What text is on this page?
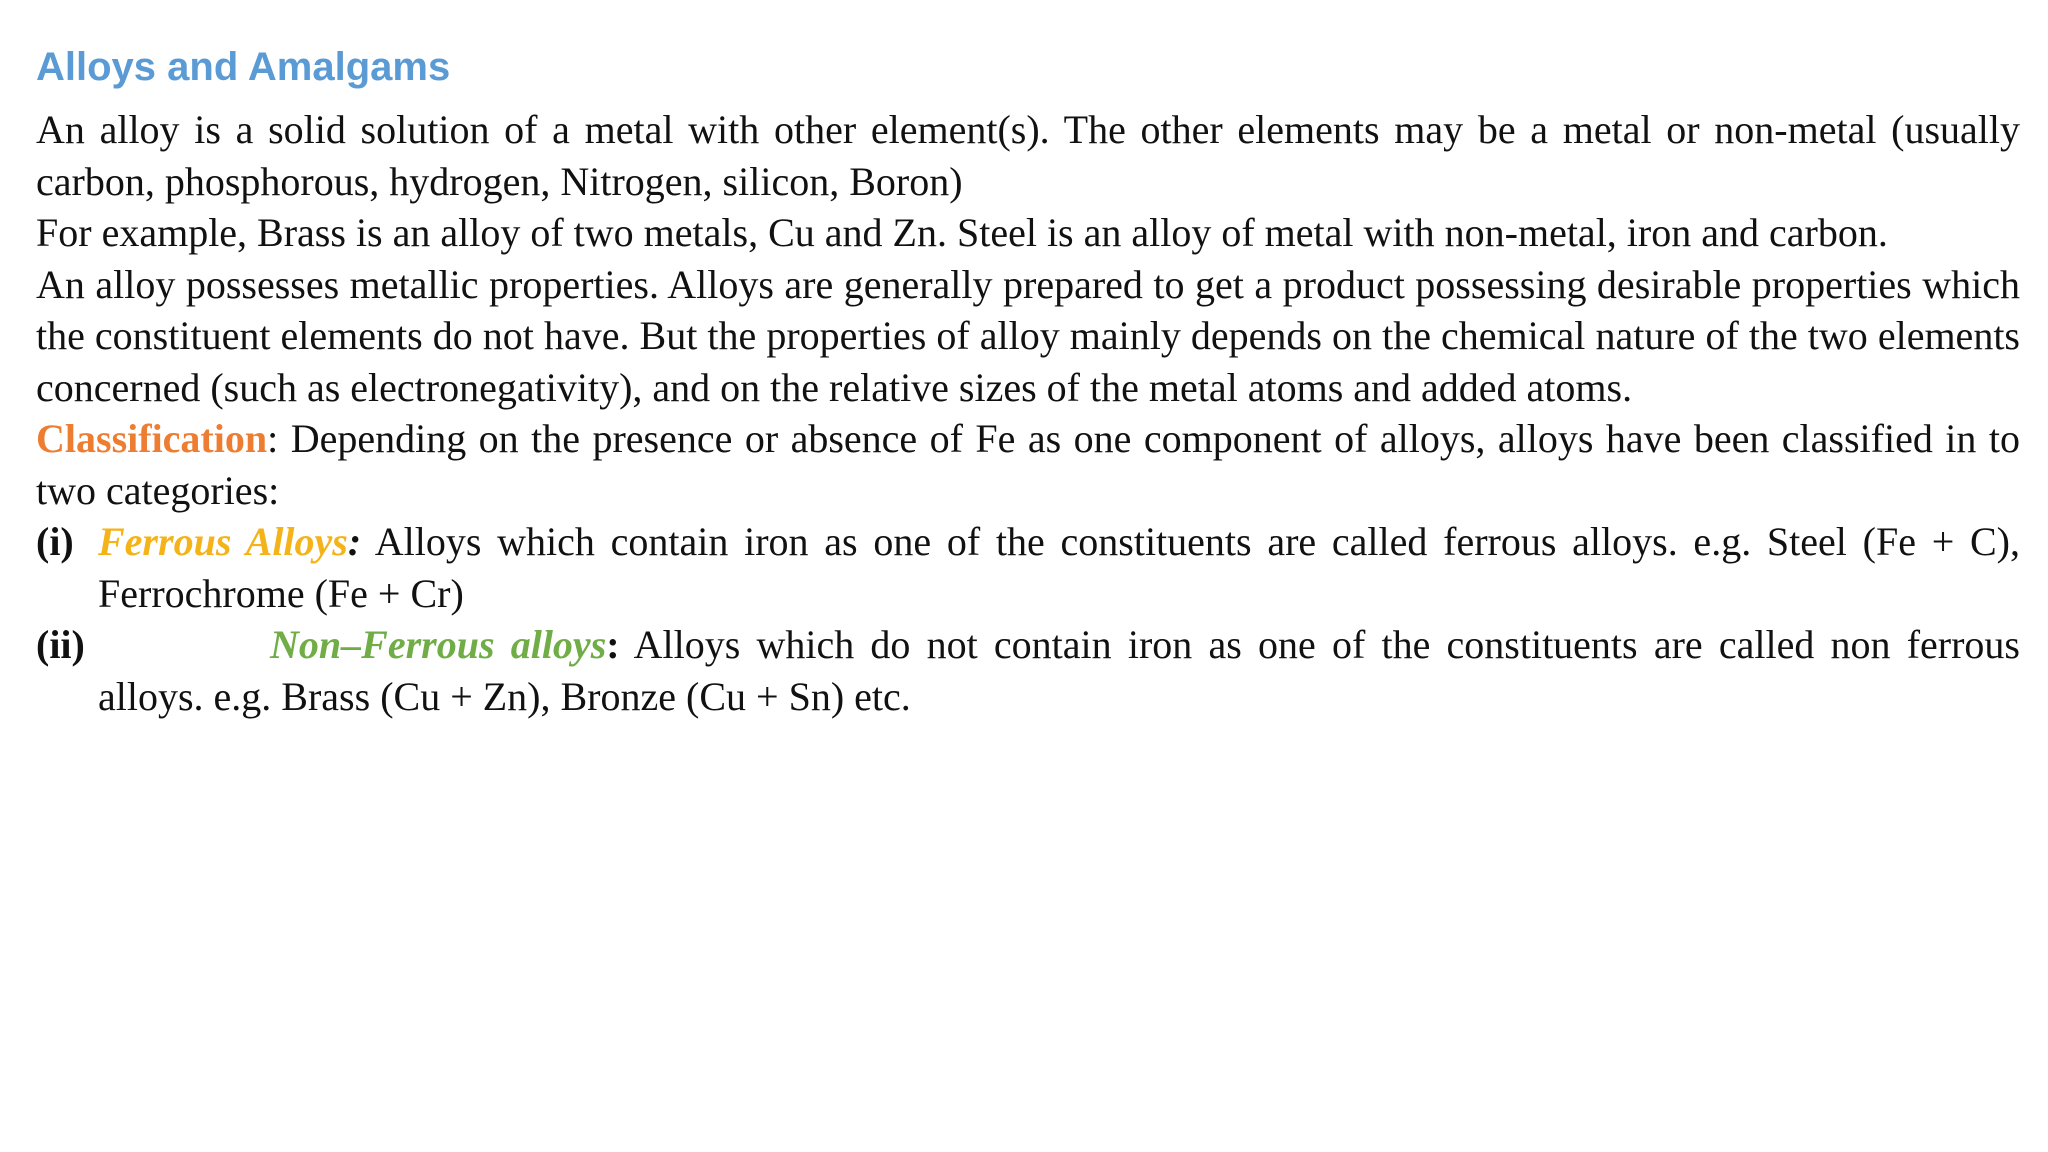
Alloys and Amalgams

An alloy is a solid solution of a metal with other element(s). The other elements may be a metal or non-metal (usually carbon, phosphorous, hydrogen, Nitrogen, silicon, Boron)

For example, Brass is an alloy of two metals, Cu and Zn. Steel is an alloy of metal with non-metal, iron and carbon.

An alloy possesses metallic properties. Alloys are generally prepared to get a product possessing desirable properties which the constituent elements do not have. But the properties of alloy mainly depends on the chemical nature of the two elements concerned (such as electronegativity), and on the relative sizes of the metal atoms and added atoms.

Classification: Depending on the presence or absence of Fe as one component of alloys, alloys have been classified in to two categories:

(i) Ferrous Alloys: Alloys which contain iron as one of the constituents are called ferrous alloys. e.g. Steel (Fe + C), Ferrochrome (Fe + Cr)
(ii)	Non–Ferrous alloys: Alloys which do not contain iron as one of the constituents are called non ferrous alloys. e.g. Brass (Cu + Zn), Bronze (Cu + Sn) etc.
